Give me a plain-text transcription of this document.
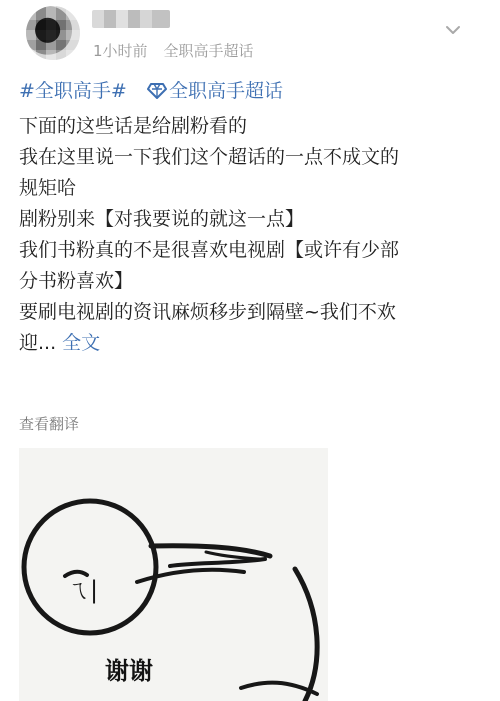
1小时前 全职高手超话
#全职高手# 全职高手超话

下面的这些话是给剧粉看的

我在这里说一下我们这个超话的一点不成文的

规矩哈

剧粉别来【对我要说的就这一点】

我们书粉真的不是很喜欢电视剧【或许有少部

分书粉喜欢】

要刷电视剧的资讯麻烦移步到隔壁~我们不欢

迎... 全文

查看翻译
ㄟ|
谢谢
